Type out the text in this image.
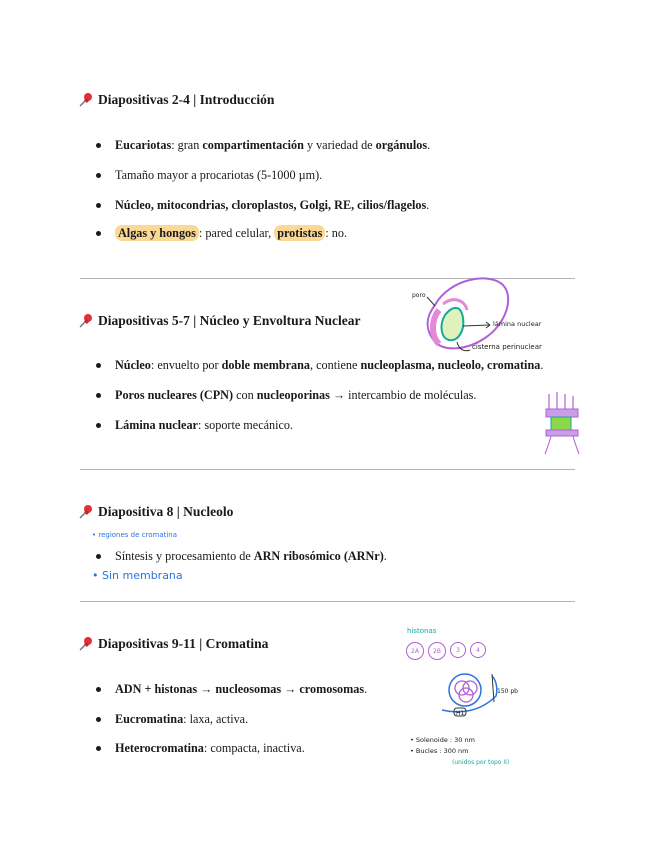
Diapositivas 2-4 | Introducción
Eucariotas: gran compartimentación y variedad de orgánulos.
Tamaño mayor a procariotas (5-1000 µm).
Núcleo, mitocondrias, cloroplastos, Golgi, RE, cilios/flagelos.
Algas y hongos : pared celular, protistas : no.
Diapositivas 5-7 | Núcleo y Envoltura Nuclear
poro
lámina nuclear
cisterna perinuclear
Núcleo: envuelto por doble membrana, contiene nucleoplasma, nucleolo, cromatina.
Poros nucleares (CPN) con nucleoporinas → intercambio de moléculas.
Lámina nuclear: soporte mecánico.
Diapositiva 8 | Nucleolo
• regiones de cromatina
Síntesis y procesamiento de ARN ribosómico (ARNr).
• Sin membrana
Diapositivas 9-11 | Cromatina
histonas
2A	2B	3	4
150 pb
H1
• Solenoide : 30 nm
• Bucles : 300 nm
(unidos por topo II)
ADN + histonas → nucleosomas → cromosomas.
Eucromatina: laxa, activa.
Heterocromatina: compacta, inactiva.
